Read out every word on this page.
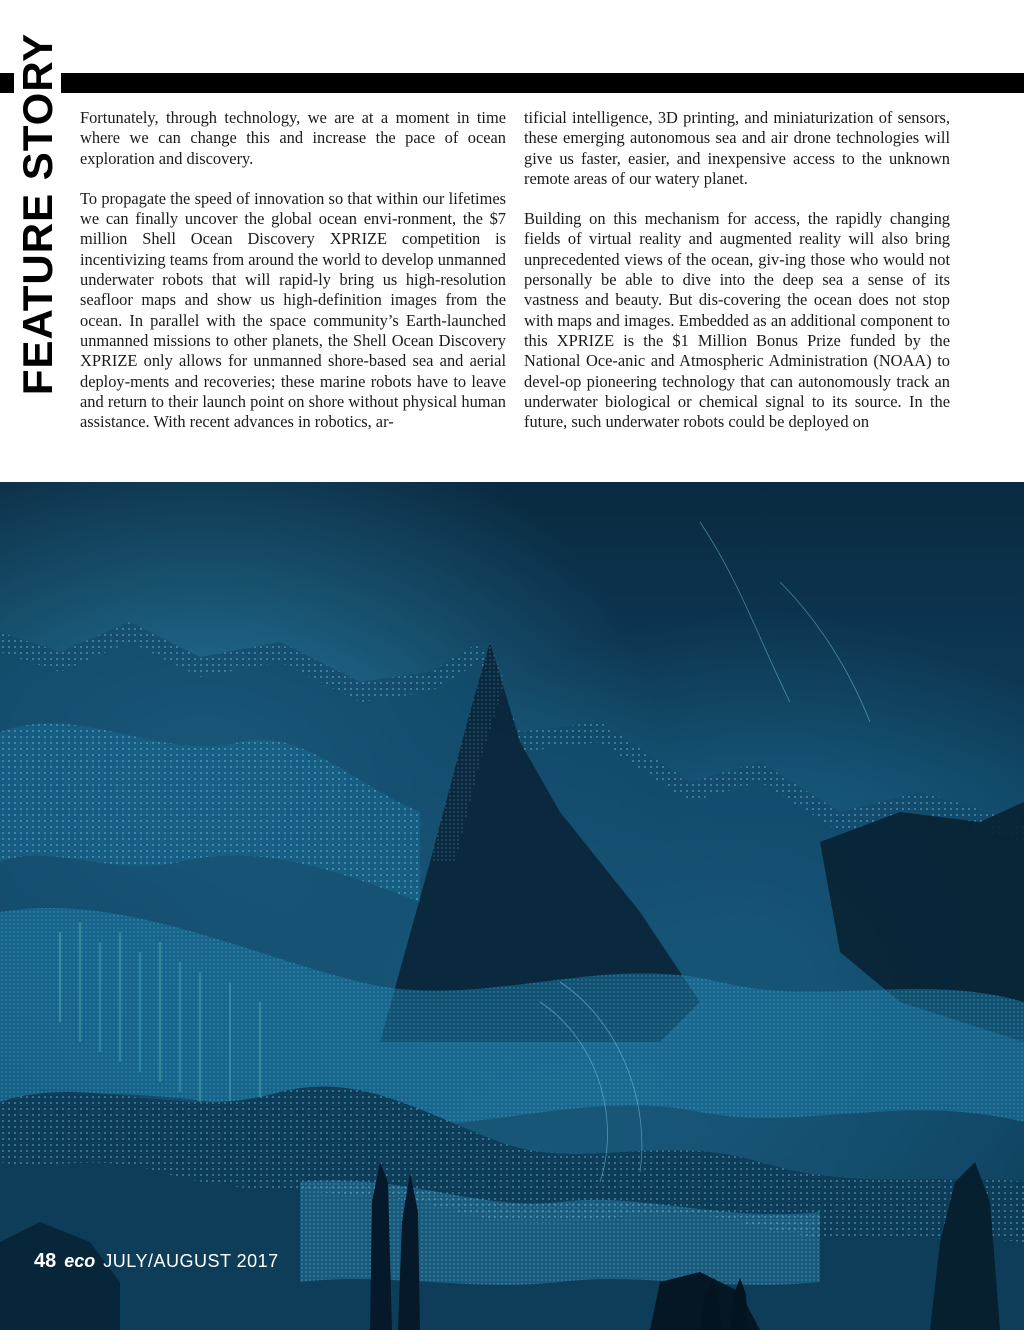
FEATURE STORY Fortunately, through technology, we are at a moment in time where we can change this and increase the pace of ocean exploration and discovery.

To propagate the speed of innovation so that within our lifetimes we can finally uncover the global ocean envi-ronment, the $7 million Shell Ocean Discovery XPRIZE competition is incentivizing teams from around the world to develop unmanned underwater robots that will rapid-ly bring us high-resolution seafloor maps and show us high-definition images from the ocean. In parallel with the space community’s Earth-launched unmanned missions to other planets, the Shell Ocean Discovery XPRIZE only allows for unmanned shore-based sea and aerial deploy-ments and recoveries; these marine robots have to leave and return to their launch point on shore without physical human assistance. With recent advances in robotics, ar-

tificial intelligence, 3D printing, and miniaturization of sensors, these emerging autonomous sea and air drone technologies will give us faster, easier, and inexpensive access to the unknown remote areas of our watery planet.

Building on this mechanism for access, the rapidly changing fields of virtual reality and augmented reality will also bring unprecedented views of the ocean, giv-ing those who would not personally be able to dive into the deep sea a sense of its vastness and beauty. But dis-covering the ocean does not stop with maps and images. Embedded as an additional component to this XPRIZE is the $1 Million Bonus Prize funded by the National Oce-anic and Atmospheric Administration (NOAA) to devel-op pioneering technology that can autonomously track an underwater biological or chemical signal to its source. In the future, such underwater robots could be deployed on

48 eco JULY/AUGUST 2017
